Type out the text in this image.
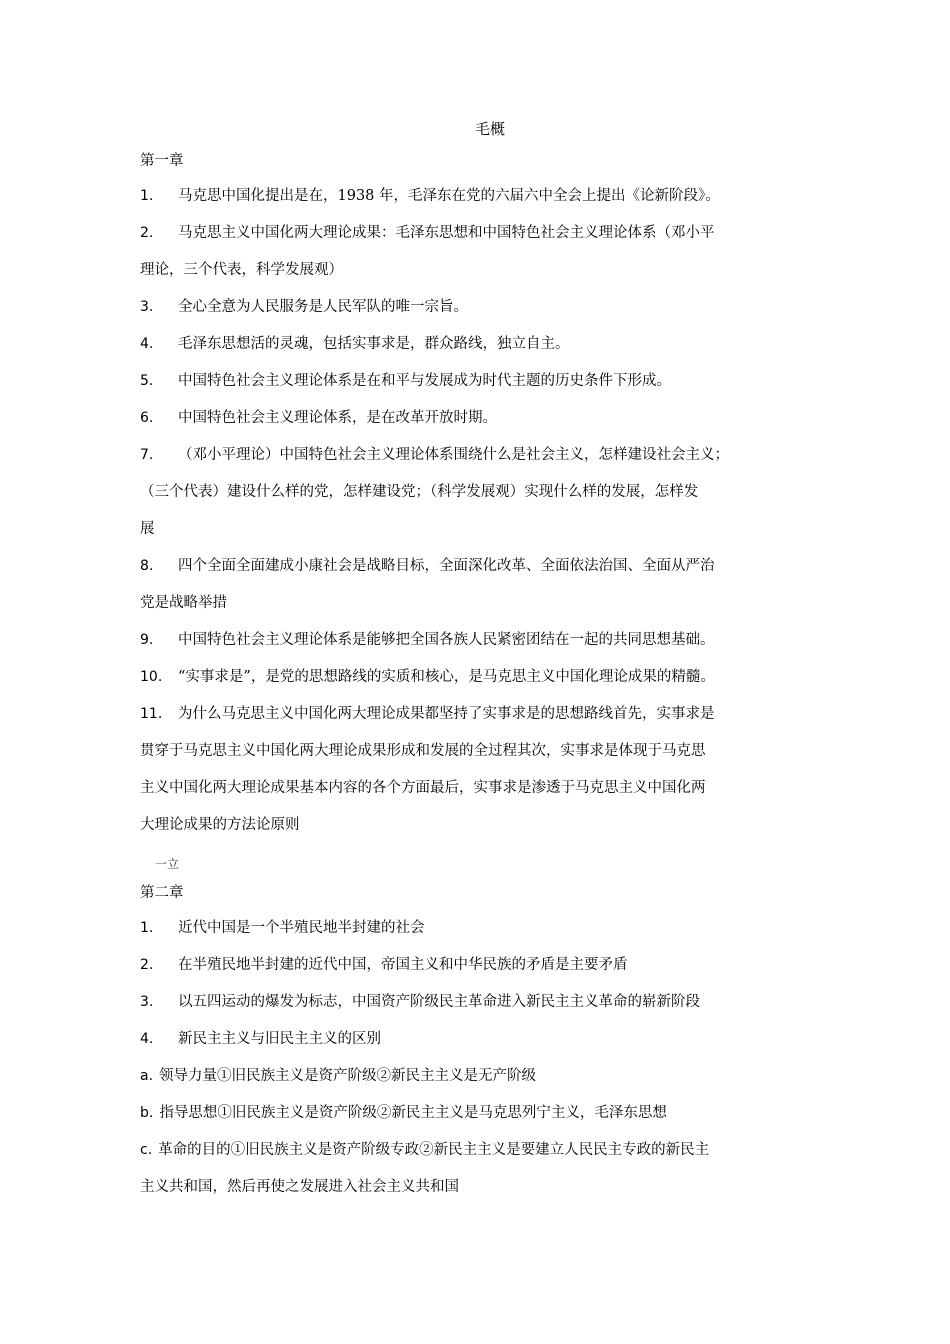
毛概
第一章
1.	马克思中国化提出是在，1938 年，毛泽东在党的六届六中全会上提出《论新阶段》。
2.	马克思主义中国化两大理论成果：毛泽东思想和中国特色社会主义理论体系（邓小平
理论，三个代表，科学发展观）
3.	全心全意为人民服务是人民军队的唯一宗旨。
4.	毛泽东思想活的灵魂，包括实事求是，群众路线，独立自主。
5.	中国特色社会主义理论体系是在和平与发展成为时代主题的历史条件下形成。
6.	中国特色社会主义理论体系，是在改革开放时期。
7.	（邓小平理论）中国特色社会主义理论体系围绕什么是社会主义，怎样建设社会主义；
（三个代表）建设什么样的党，怎样建设党；（科学发展观）实现什么样的发展，怎样发
展
8.	四个全面全面建成小康社会是战略目标，全面深化改革、全面依法治国、全面从严治
党是战略举措
9.	中国特色社会主义理论体系是能够把全国各族人民紧密团结在一起的共同思想基础。
10.	“实事求是”，是党的思想路线的实质和核心，是马克思主义中国化理论成果的精髓。
11.	为什么马克思主义中国化两大理论成果都坚持了实事求是的思想路线首先，实事求是
贯穿于马克思主义中国化两大理论成果形成和发展的全过程其次，实事求是体现于马克思
主义中国化两大理论成果基本内容的各个方面最后，实事求是渗透于马克思主义中国化两
大理论成果的方法论原则
一立
第二章
1.	近代中国是一个半殖民地半封建的社会
2.	在半殖民地半封建的近代中国，帝国主义和中华民族的矛盾是主要矛盾
3.	以五四运动的爆发为标志，中国资产阶级民主革命进入新民主主义革命的崭新阶段
4.	新民主主义与旧民主主义的区别
a. 领导力量①旧民族主义是资产阶级②新民主主义是无产阶级
b. 指导思想①旧民族主义是资产阶级②新民主主义是马克思列宁主义，毛泽东思想
c. 革命的目的①旧民族主义是资产阶级专政②新民主主义是要建立人民民主专政的新民主
主义共和国，然后再使之发展进入社会主义共和国
